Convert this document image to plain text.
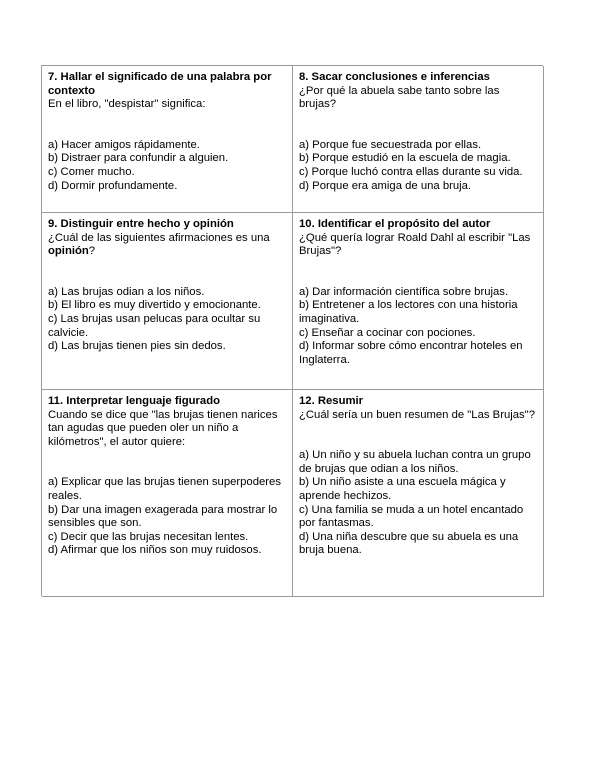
7. Hallar el significado de una palabra por contexto
En el libro, "despistar" significa:
a) Hacer amigos rápidamente.
b) Distraer para confundir a alguien.
c) Comer mucho.
d) Dormir profundamente.
8. Sacar conclusiones e inferencias
¿Por qué la abuela sabe tanto sobre las brujas?
a) Porque fue secuestrada por ellas.
b) Porque estudió en la escuela de magia.
c) Porque luchó contra ellas durante su vida.
d) Porque era amiga de una bruja.
9. Distinguir entre hecho y opinión
¿Cuál de las siguientes afirmaciones es una opinión?
a) Las brujas odian a los niños.
b) El libro es muy divertido y emocionante.
c) Las brujas usan pelucas para ocultar su calvicie.
d) Las brujas tienen pies sin dedos.
10. Identificar el propósito del autor
¿Qué quería lograr Roald Dahl al escribir "Las Brujas"?
a) Dar información científica sobre brujas.
b) Entretener a los lectores con una historia imaginativa.
c) Enseñar a cocinar con pociones.
d) Informar sobre cómo encontrar hoteles en Inglaterra.
11. Interpretar lenguaje figurado
Cuando se dice que "las brujas tienen narices tan agudas que pueden oler un niño a kilómetros", el autor quiere:
a) Explicar que las brujas tienen superpoderes reales.
b) Dar una imagen exagerada para mostrar lo sensibles que son.
c) Decir que las brujas necesitan lentes.
d) Afirmar que los niños son muy ruidosos.
12. Resumir
¿Cuál sería un buen resumen de "Las Brujas"?
a) Un niño y su abuela luchan contra un grupo de brujas que odian a los niños.
b) Un niño asiste a una escuela mágica y aprende hechizos.
c) Una familia se muda a un hotel encantado por fantasmas.
d) Una niña descubre que su abuela es una bruja buena.
